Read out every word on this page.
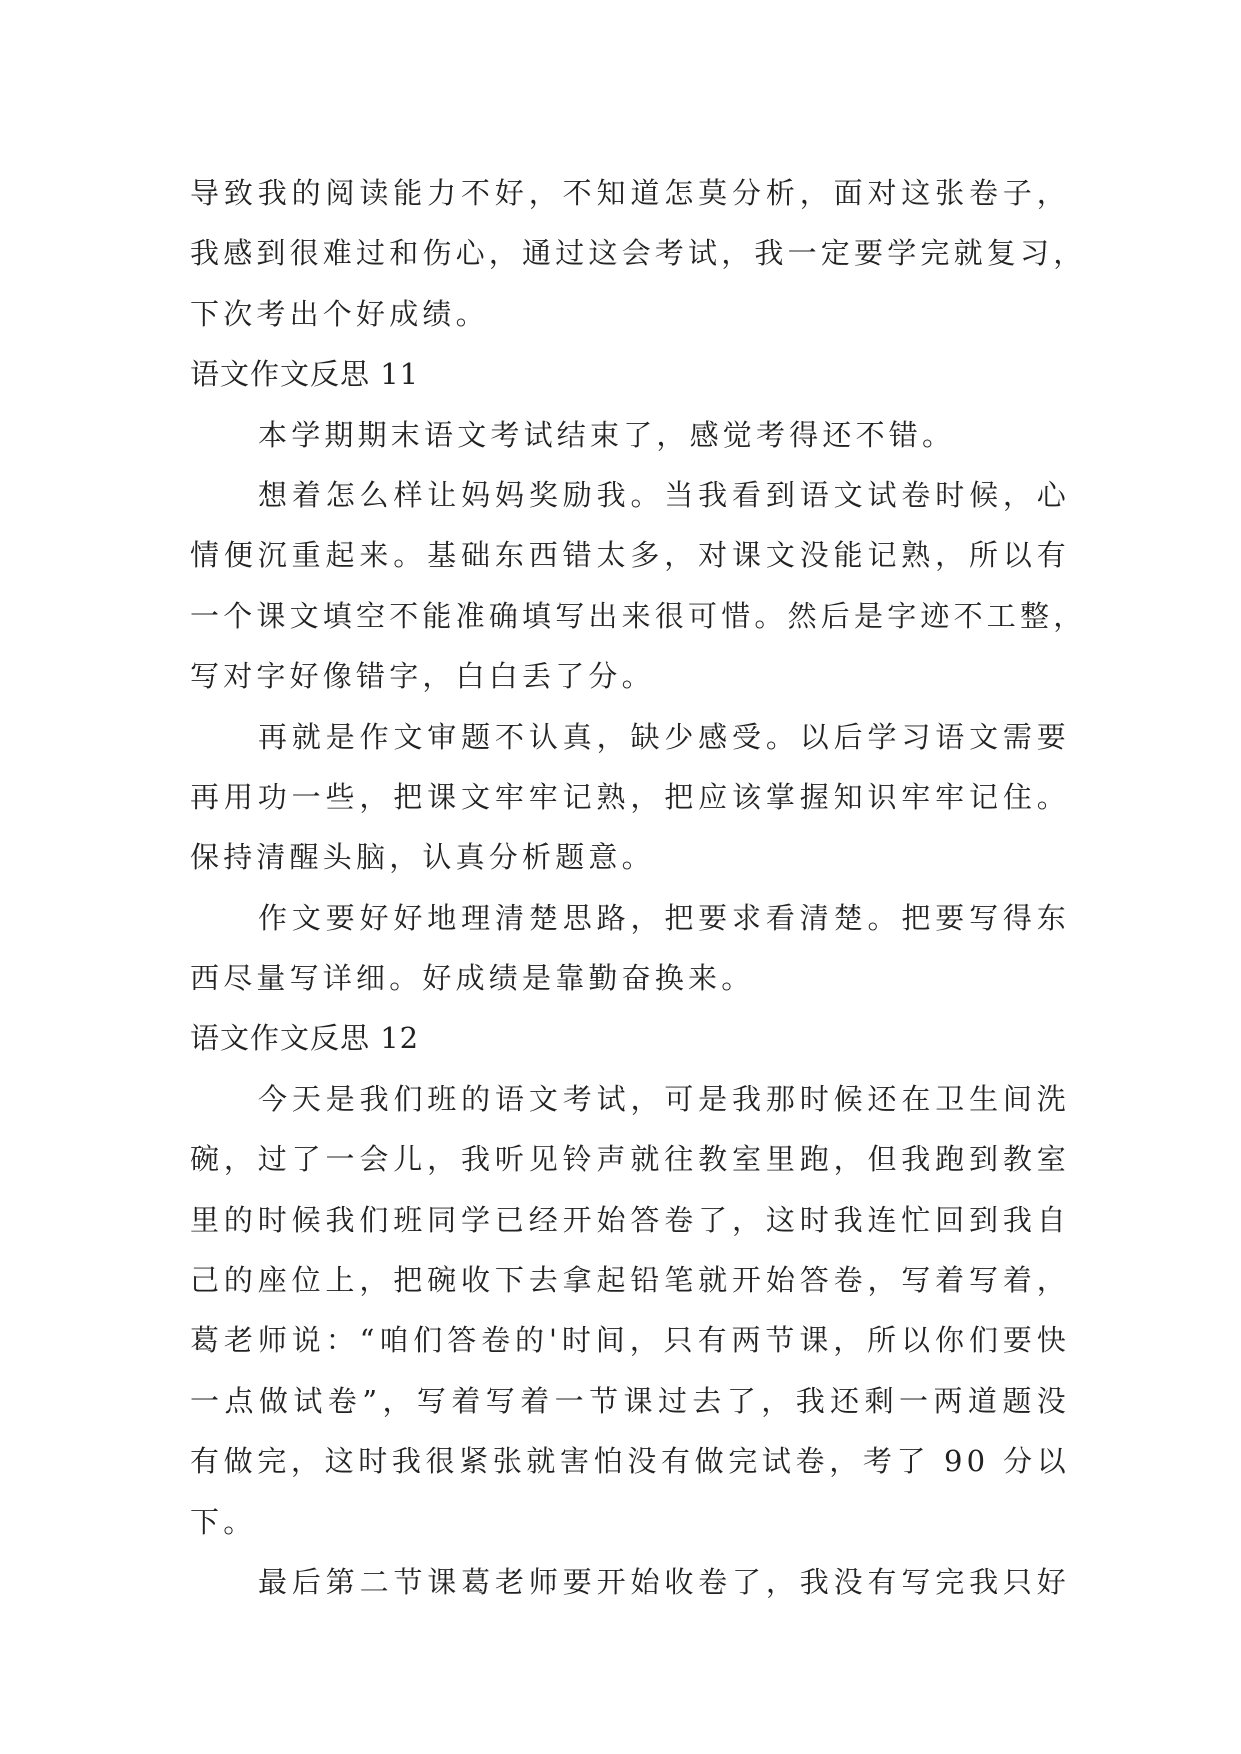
导致我的阅读能力不好，不知道怎莫分析，面对这张卷子，
我感到很难过和伤心，通过这会考试，我一定要学完就复习，
下次考出个好成绩。
语文作文反思 11
本学期期末语文考试结束了，感觉考得还不错。
想着怎么样让妈妈奖励我。当我看到语文试卷时候，心
情便沉重起来。基础东西错太多，对课文没能记熟，所以有
一个课文填空不能准确填写出来很可惜。然后是字迹不工整，
写对字好像错字，白白丢了分。
再就是作文审题不认真，缺少感受。以后学习语文需要
再用功一些，把课文牢牢记熟，把应该掌握知识牢牢记住。
保持清醒头脑，认真分析题意。
作文要好好地理清楚思路，把要求看清楚。把要写得东
西尽量写详细。好成绩是靠勤奋换来。
语文作文反思 12
今天是我们班的语文考试，可是我那时候还在卫生间洗
碗，过了一会儿，我听见铃声就往教室里跑，但我跑到教室
里的时候我们班同学已经开始答卷了，这时我连忙回到我自
己的座位上，把碗收下去拿起铅笔就开始答卷，写着写着，
葛老师说：“咱们答卷的'时间，只有两节课，所以你们要快
一点做试卷”，写着写着一节课过去了，我还剩一两道题没
有做完，这时我很紧张就害怕没有做完试卷，考了 90 分以
下。
最后第二节课葛老师要开始收卷了，我没有写完我只好
